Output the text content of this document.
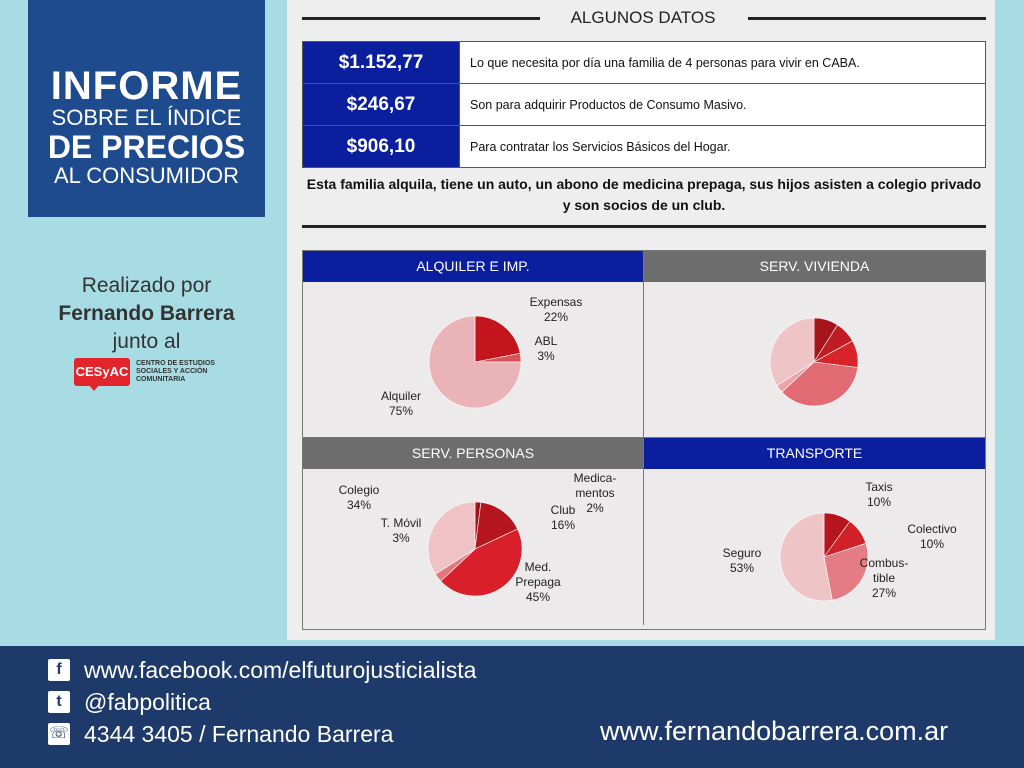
INFORME
SOBRE EL ÍNDICE
DE PRECIOS
AL CONSUMIDOR
Realizado por
Fernando Barrera
junto al
CESyAC
CENTRO DE ESTUDIOS SOCIALES Y ACCIÓN COMUNITARIA
ALGUNOS DATOS
$1.152,77	Lo que necesita por día una familia de 4 personas para vivir en CABA.
$246,67	Son para adquirir Productos de Consumo Masivo.
$906,10	Para contratar los Servicios Básicos del Hogar.
Esta familia alquila, tiene un auto, un abono de medicina prepaga, sus hijos asisten a colegio privado y son socios de un club.
ALQUILER E IMP.
Expensas
22%
ABL
3%
Alquiler
75%
SERV. VIVIENDA
SERV. PERSONAS
Medica-
mentos
2%
Club
16%
Med.
Prepaga
45%
T. Móvil
3%
Colegio
34%
TRANSPORTE
Taxis
10%
Colectivo
10%
Combus-
tible
27%
Seguro
53%
f www.facebook.com/elfuturojusticialista
t @fabpolitica
☏ 4344 3405 / Fernando Barrera	www.fernandobarrera.com.ar
